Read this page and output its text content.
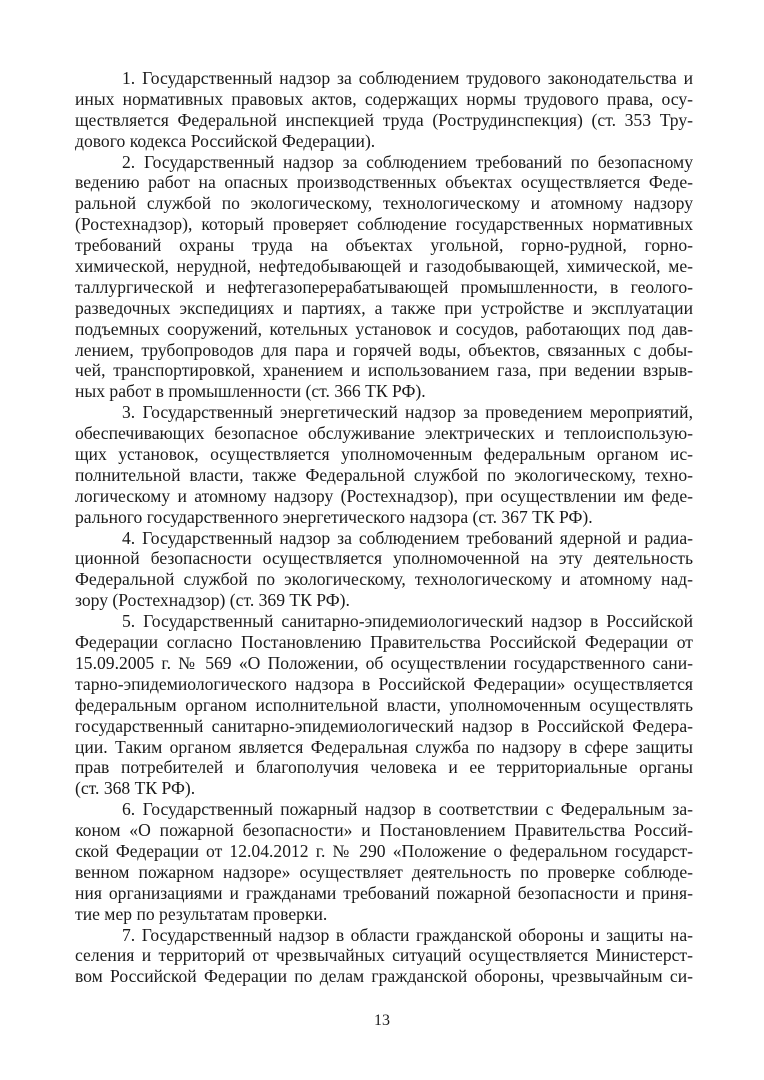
1. Государственный надзор за соблюдением трудового законодательства и
иных нормативных правовых актов, содержащих нормы трудового права, осу-
ществляется Федеральной инспекцией труда (Рострудинспекция) (ст. 353 Тру-
дового кодекса Российской Федерации).
2. Государственный надзор за соблюдением требований по безопасному
ведению работ на опасных производственных объектах осуществляется Феде-
ральной службой по экологическому, технологическому и атомному надзору
(Ростехнадзор), который проверяет соблюдение государственных нормативных
требований охраны труда на объектах угольной, горно-рудной, горно-
химической, нерудной, нефтедобывающей и газодобывающей, химической, ме-
таллургической и нефтегазоперерабатывающей промышленности, в геолого-
разведочных экспедициях и партиях, а также при устройстве и эксплуатации
подъемных сооружений, котельных установок и сосудов, работающих под дав-
лением, трубопроводов для пара и горячей воды, объектов, связанных с добы-
чей, транспортировкой, хранением и использованием газа, при ведении взрыв-
ных работ в промышленности (ст. 366 ТК РФ).
3. Государственный энергетический надзор за проведением мероприятий,
обеспечивающих безопасное обслуживание электрических и теплоиспользую-
щих установок, осуществляется уполномоченным федеральным органом ис-
полнительной власти, также Федеральной службой по экологическому, техно-
логическому и атомному надзору (Ростехнадзор), при осуществлении им феде-
рального государственного энергетического надзора (ст. 367 ТК РФ).
4. Государственный надзор за соблюдением требований ядерной и радиа-
ционной безопасности осуществляется уполномоченной на эту деятельность
Федеральной службой по экологическому, технологическому и атомному над-
зору (Ростехнадзор) (ст. 369 ТК РФ).
5. Государственный санитарно-эпидемиологический надзор в Российской
Федерации согласно Постановлению Правительства Российской Федерации от
15.09.2005 г. № 569 «О Положении, об осуществлении государственного сани-
тарно-эпидемиологического надзора в Российской Федерации» осуществляется
федеральным органом исполнительной власти, уполномоченным осуществлять
государственный санитарно-эпидемиологический надзор в Российской Федера-
ции. Таким органом является Федеральная служба по надзору в сфере защиты
прав потребителей и благополучия человека и ее территориальные органы
(ст. 368 ТК РФ).
6. Государственный пожарный надзор в соответствии с Федеральным за-
коном «О пожарной безопасности» и Постановлением Правительства Россий-
ской Федерации от 12.04.2012 г. № 290 «Положение о федеральном государст-
венном пожарном надзоре» осуществляет деятельность по проверке соблюде-
ния организациями и гражданами требований пожарной безопасности и приня-
тие мер по результатам проверки.
7. Государственный надзор в области гражданской обороны и защиты на-
селения и территорий от чрезвычайных ситуаций осуществляется Министерст-
вом Российской Федерации по делам гражданской обороны, чрезвычайным си-
13
